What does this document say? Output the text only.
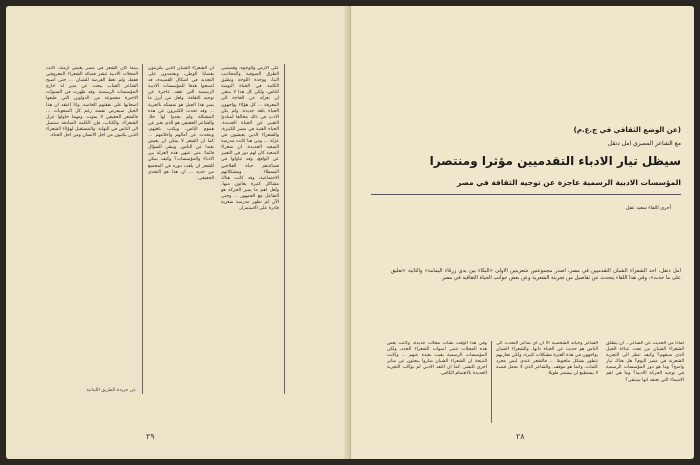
على الارض والوجوه، وقصصى الطرق الصوفية والمجاذيب البنا، ووحدة اللوحة ونطيق الكلمة في الحياة اليومية للناس، ولكن كل هذا لا ينبغي ان نعزله عن الحاجة الى المعرفة ... كل هؤلاء يواجهون الحياة بلغة جديدة. ولم يكن الادب في ذلك مخالفا لمبادئ التعبير عن الحياة الجديدة. الحياة الفنية في مصر الكبيرة، والشعراء الذين يعيشون في عزلة ... ومن هنا كانت مدرسة الصعيد الجديدة. ان شعراء الصعيد كان لهم دور في التعبير عن الواقع، وقد تناولوا في قصائدهم حياة الفلاحين البسطاء ومشكلاتهم الاجتماعية، وقد كانت هناك مشاكل كثيرة يعانون منها. ولعل اهم ما يميز الحركة هو التفاعل مع الجمهور ... وحتى الآن لم تظهر مدرسة شعرية قادرة على الاستمرار.

ان الشعراء الشبان الذين يلتزمون بقضايا الوطن، ويعتمدون على التجديد في اشكال القصيدة، قد اصبحوا هدفا للمؤسسات الادبية الرسمية التي تقف عاجزة عن توجيه الثقافة. ولعل من أبرز ما يميز هذا الجيل هو تمسكه بالحرية ... وقد تحدث الكثيرون عن هذه المشكلة ولم يجدوا لها حلا. والشاعر الحقيقي هو الذي يعبر عن هموم الناس، ويكتب بلغتهم، ويتحدث عن آمالهم وأحلامهم ... كما ان الشعر لا يمكن ان يعيش بعيدا عن الناس. ويبقى السؤال قائما: متى تنتهي هذه العزلة بين الادباء والمؤسسات؟ وكيف يمكن للشعر ان يلعب دوره في المجتمع من جديد ... ان هذا هو التحدي الحقيقي.

بينما كان الشعر في مصر يعيش أزمته، كانت المجلات الادبية تنشر قصائد الشعراء المعروفين فقط، ولم تعط الفرصة للشبان ... حتى اصبح الشاعر الشاب يبحث عن منبر له خارج المؤسسات الرسمية. وقد ظهرت في السنوات الاخيرة مجموعة من الدواوين التي طبعها اصحابها على نفقتهم الخاصة. وانا اعتقد ان هذا الجيل سيفرض نفسه رغم كل الصعوبات ... فالشعر الحقيقي لا يموت. ومهما حاولوا عزل الشعراء، والكتاب، فإن الكلمة الصادقة ستصل الى الناس في النهاية. والمستقبل لهؤلاء الشعراء الذين يكتبون من اجل الانسان ومن اجل الحياة.

عن جريدة الطريق اللبنانية
٢٩
(عن الوضع الثقافي في ج.ع.م)
مع الشاعر المصري امل دنقل
سيظل تيار الادباء التقدميين مؤثرا ومنتصرا
المؤسسات الادبية الرسمية عاجزة عن توجيه الثقافة في مصر
أجرى اللقاء سعيد عقل

امل دنقل، احد الشعراء الشبان التقدميين في مصر، اصدر مجموعتين شعريتين الاولى «البكاء بين يدي زرقاء اليمامة» والثانية «تعليق على ما حدث»، وفي هذا اللقاء يتحدث عن تفاصيل من تجربته الشعرية وعن بعض جوانب الحياة الثقافية في مصر.

لماذا من الحديث عن الشاعر... ان ينطلق الشعراء الشبان من تحت عباءة الجيل الذي سبقهم؟ وكيف تنظر الى التجربة الشعرية في مصر اليوم؟ هل هناك تيار واضح؟ وما هو دور المؤسسات الرسمية في توجيه الحركة الادبية؟ وما هي اهم الاسماء التي تعتقد انها ستبقى؟

الشاعر وحياته الشخصية الا ان اي شاعر التحدث الى الناس هو حديث عن الحياة ذاتها. والشعراء الشبان يواجهون في هذه الفترة مشكلات كثيرة، ولكن تجاربهم تتطور بشكل ملحوظ ... فالشعر عندي ليس مجرد كلمات، وانما هو موقف. والشاعر الذي لا يحمل قضية لا يستطيع ان يستمر طويلا.

وفي هذا الوقت نشأت مجلات جديدة، وكانت بعض هذه المجلات تتبنى اصوات الشعراء الجدد، ولكن المؤسسات الرسمية بقيت بعيدة عنهم ... وكانت النتيجة ان الشعراء الشبان صاروا يبحثون عن منابر اخرى للنشر. كما ان النقد الادبي لم يواكب التجربة الجديدة بالاهتمام الكافي.

٢٨
